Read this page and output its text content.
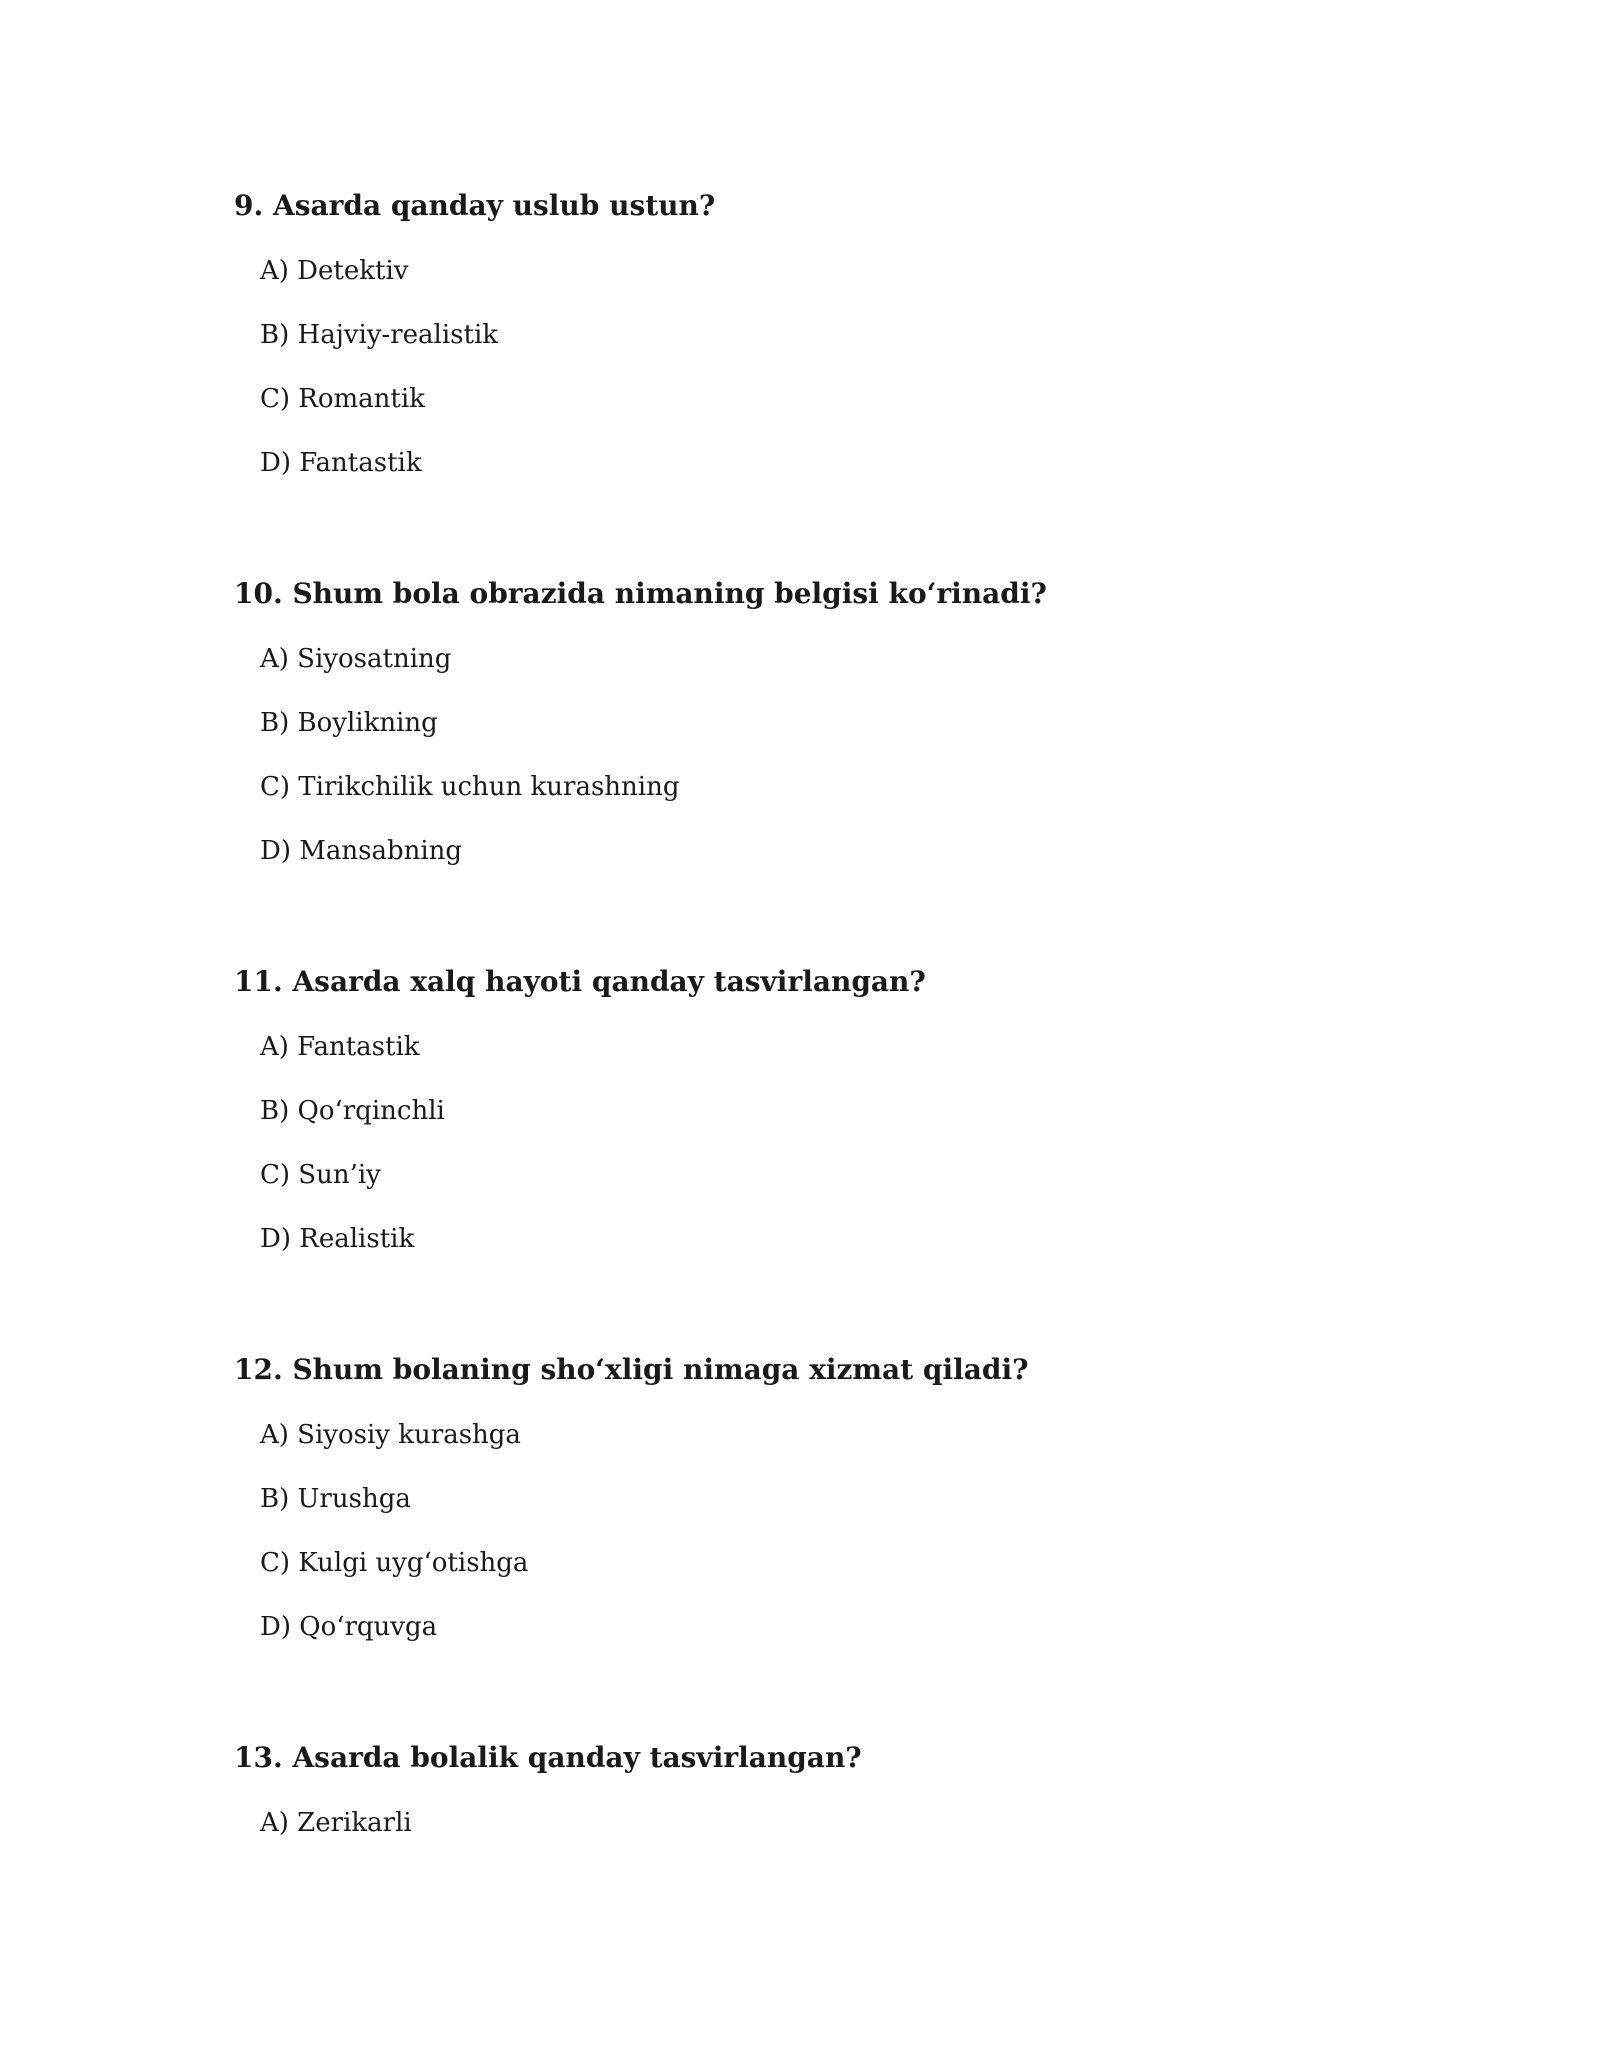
9. Asarda qanday uslub ustun?
A) Detektiv
B) Hajviy-realistik
C) Romantik
D) Fantastik
10. Shum bola obrazida nimaning belgisi ko‘rinadi?
A) Siyosatning
B) Boylikning
C) Tirikchilik uchun kurashning
D) Mansabning
11. Asarda xalq hayoti qanday tasvirlangan?
A) Fantastik
B) Qo‘rqinchli
C) Sun’iy
D) Realistik
12. Shum bolaning sho‘xligi nimaga xizmat qiladi?
A) Siyosiy kurashga
B) Urushga
C) Kulgi uyg‘otishga
D) Qo‘rquvga
13. Asarda bolalik qanday tasvirlangan?
A) Zerikarli
